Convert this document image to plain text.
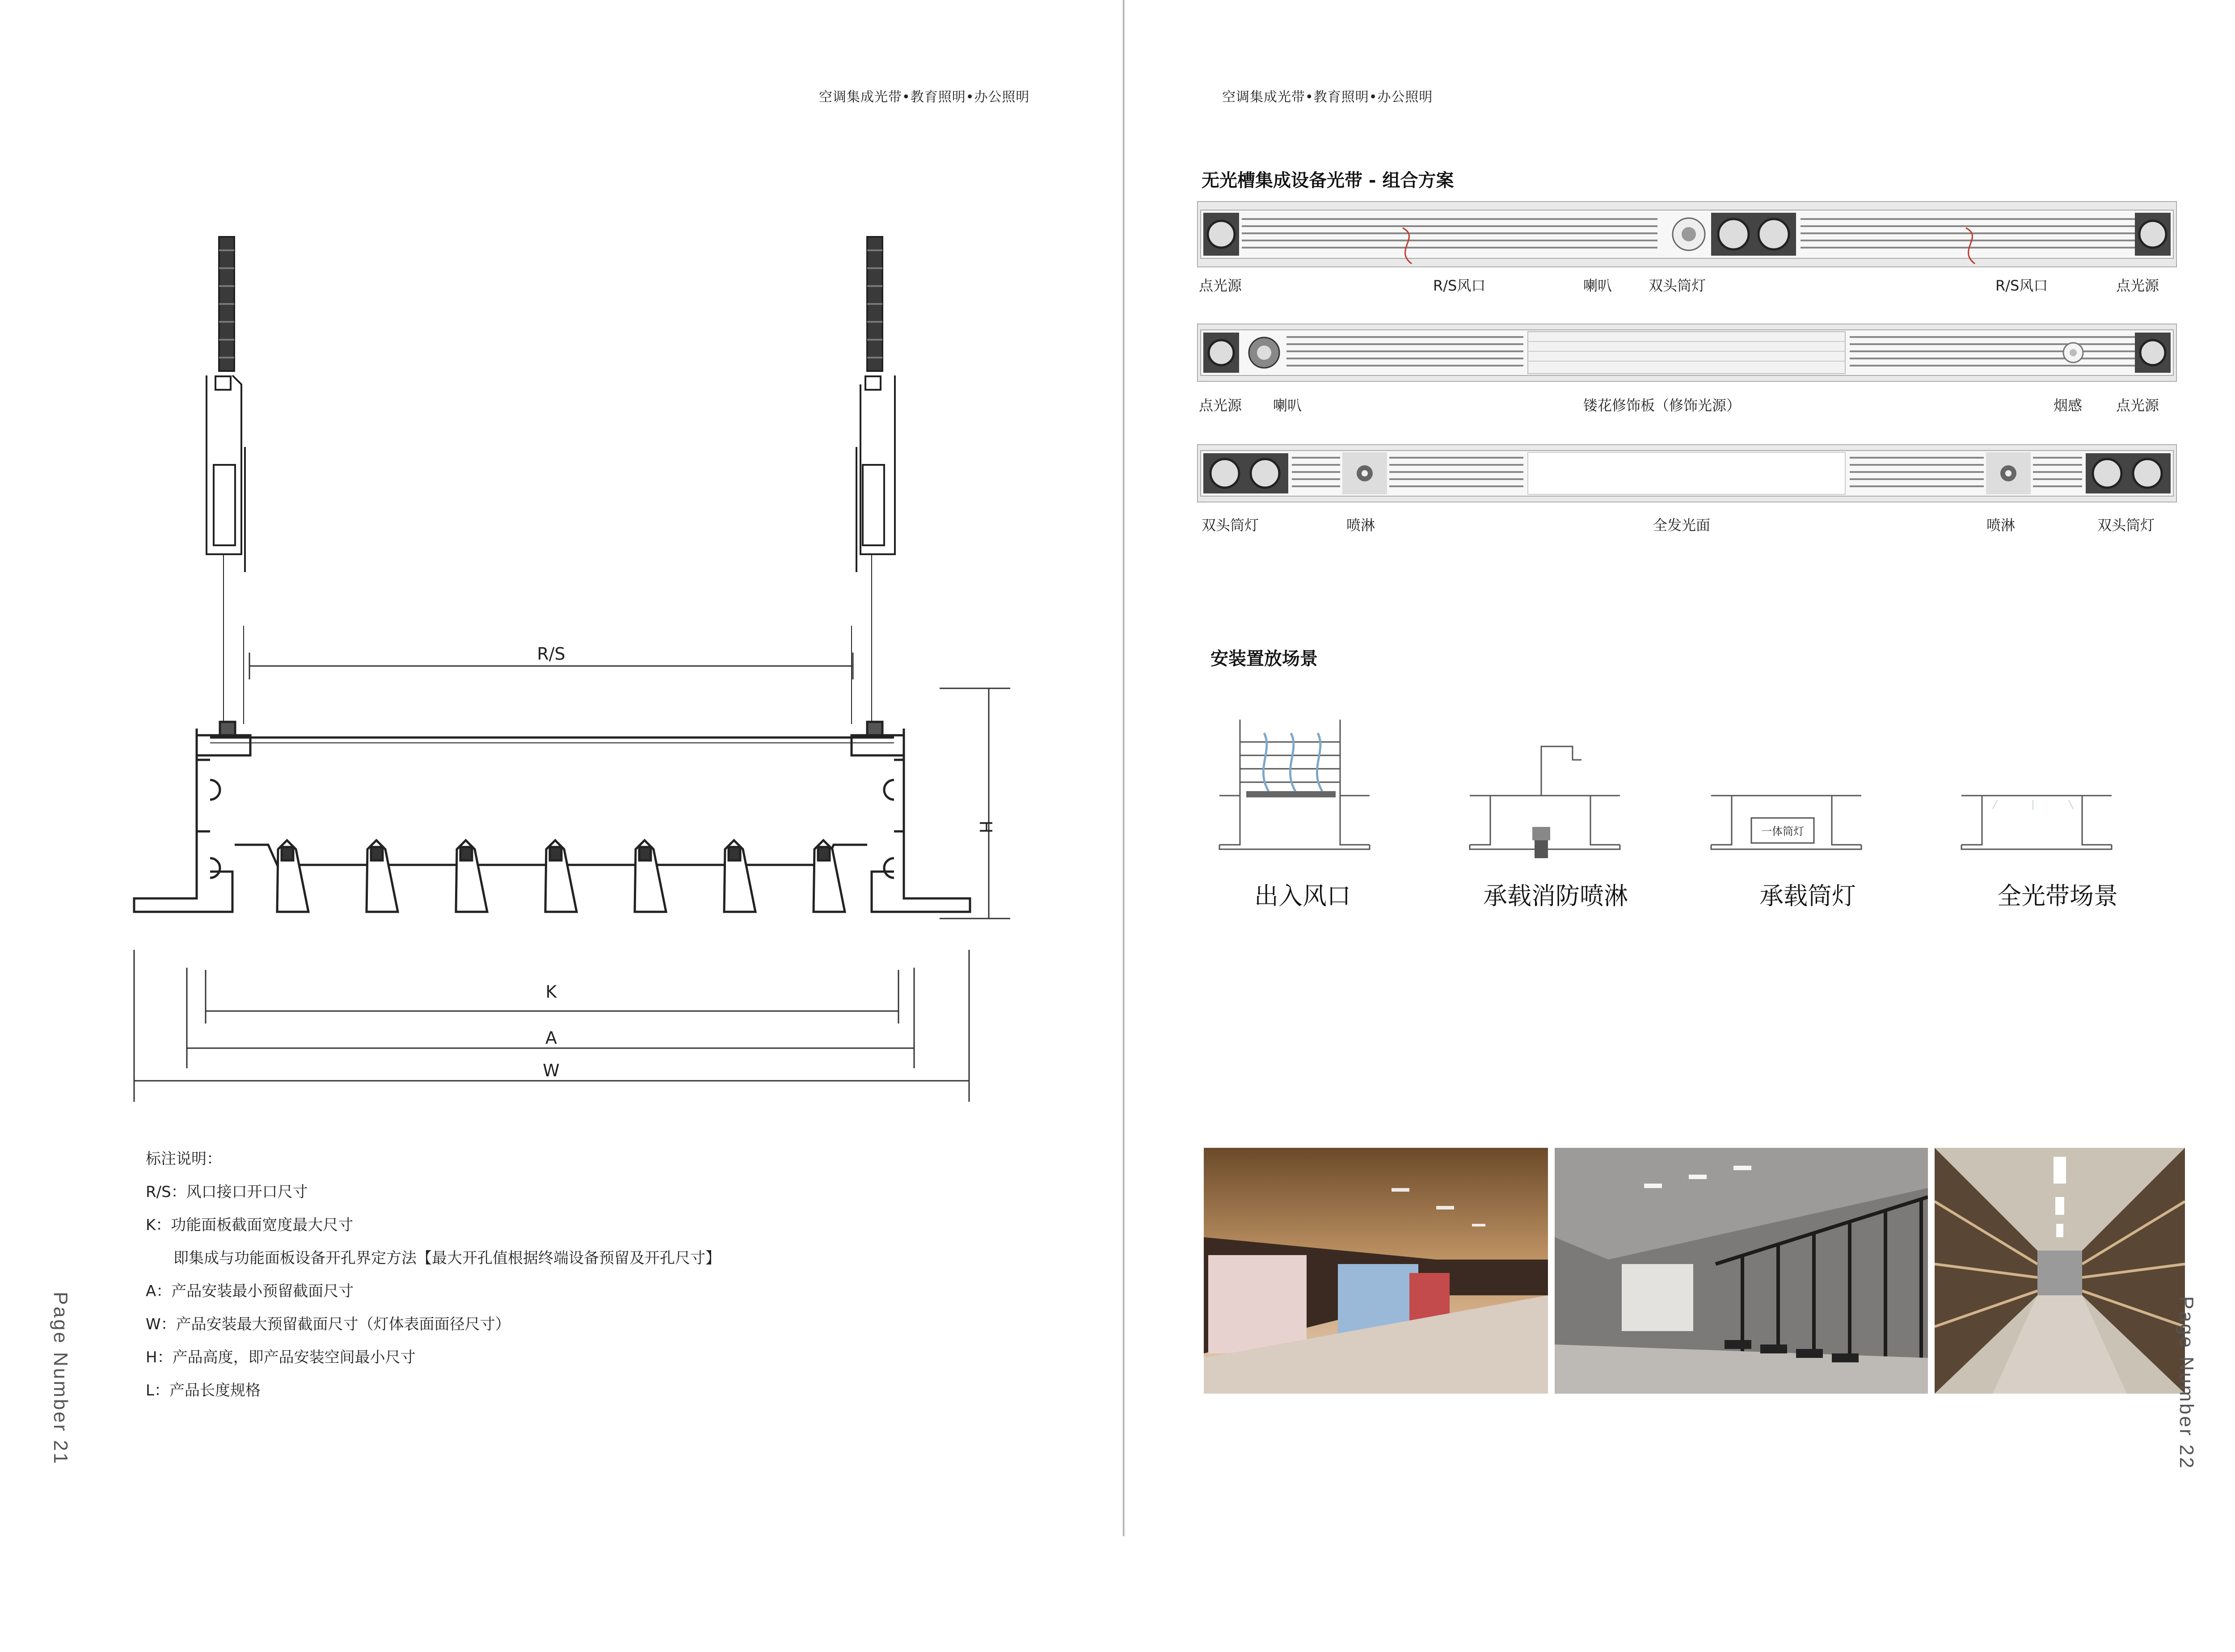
空调集成光带•教育照明•办公照明
R/S
H
K
A
W
标注说明：
R/S：风口接口开口尺寸
K：功能面板截面宽度最大尺寸
即集成与功能面板设备开孔界定方法【最大开孔值根据终端设备预留及开孔尺寸】
A：产品安装最小预留截面尺寸
W：产品安装最大预留截面尺寸（灯体表面面径尺寸）
H：产品高度，即产品安装空间最小尺寸
L：产品长度规格
Page Number 21
空调集成光带•教育照明•办公照明
无光槽集成设备光带 - 组合方案
点光源	R/S风口	喇叭	双头筒灯	R/S风口	点光源
点光源 喇叭	镂花修饰板（修饰光源）	烟感 点光源
双头筒灯	喷淋	全发光面	喷淋	双头筒灯
安装置放场景
一体筒灯
出入风口	承载消防喷淋	承载筒灯	全光带场景
Page Number 22
